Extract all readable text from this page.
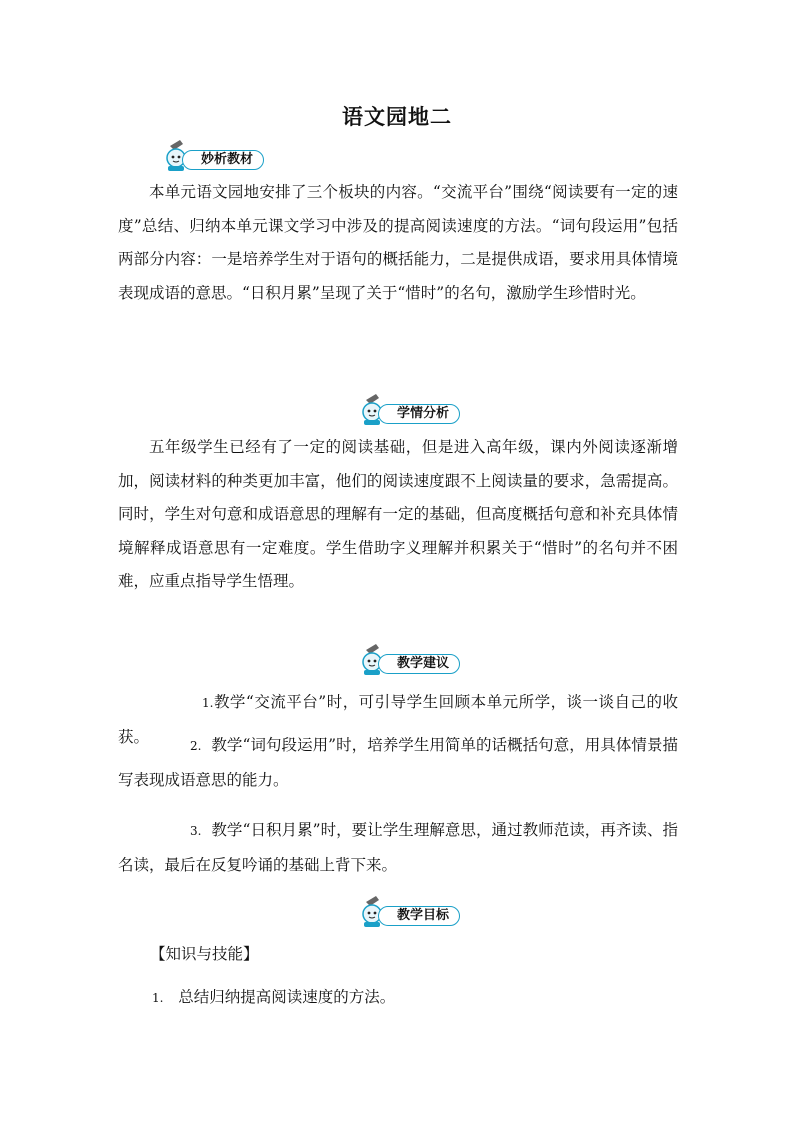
语文园地二
妙析教材

本单元语文园地安排了三个板块的内容。“交流平台”围绕“阅读要有一定的速度”总结、归纳本单元课文学习中涉及的提高阅读速度的方法。“词句段运用”包括两部分内容：一是培养学生对于语句的概括能力，二是提供成语，要求用具体情境表现成语的意思。“日积月累”呈现了关于“惜时”的名句，激励学生珍惜时光。

学情分析

五年级学生已经有了一定的阅读基础，但是进入高年级，课内外阅读逐渐增加，阅读材料的种类更加丰富，他们的阅读速度跟不上阅读量的要求，急需提高。同时，学生对句意和成语意思的理解有一定的基础，但高度概括句意和补充具体情境解释成语意思有一定难度。学生借助字义理解并积累关于“惜时”的名句并不困难，应重点指导学生悟理。

教学建议

1.教学“交流平台”时，可引导学生回顾本单元所学，谈一谈自己的收获。

2. 教学“词句段运用”时，培养学生用简单的话概括句意，用具体情景描写表现成语意思的能力。

3. 教学“日积月累”时，要让学生理解意思，通过教师范读，再齐读、指名读，最后在反复吟诵的基础上背下来。

教学目标
【知识与技能】
1. 总结归纳提高阅读速度的方法。
